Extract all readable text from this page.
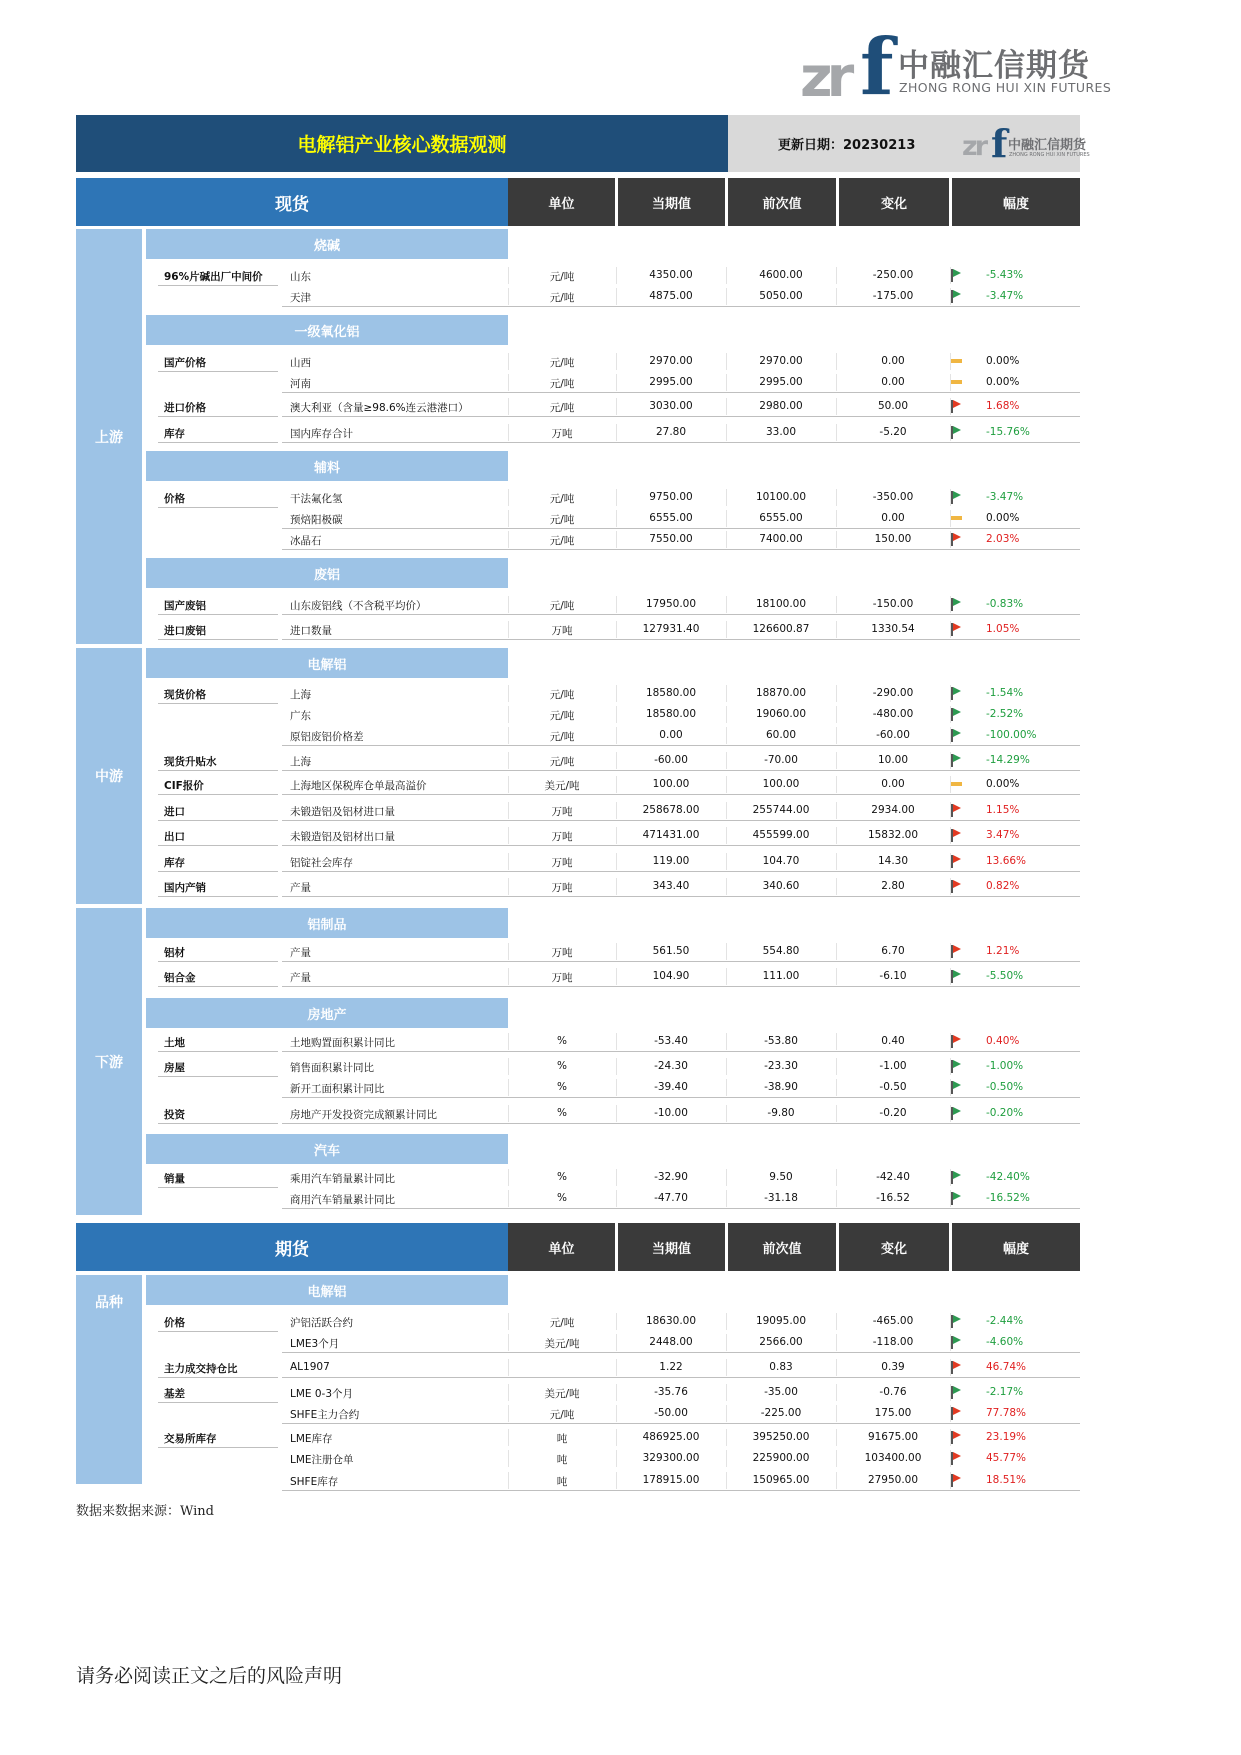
zr f 中融汇信期货
ZHONG RONG HUI XIN FUTURES
电解铝产业核心数据观测	更新日期：20230213 zr f 中融汇信期货
ZHONG RONG HUI XIN FUTURES
现货	单位	当期值	前次值	变化	幅度
上游
中游
下游
烧碱
一级氧化铝
辅料
废铝
电解铝
铝制品
房地产
汽车
96%片碱出厂中间价	山东	元/吨	4350.00	4600.00	-250.00	-5.43%
天津	元/吨	4875.00	5050.00	-175.00	-3.47%
国产价格	山西	元/吨	2970.00	2970.00	0.00	0.00%
河南	元/吨	2995.00	2995.00	0.00	0.00%
进口价格	澳大利亚（含量≥98.6%连云港港口）	元/吨	3030.00	2980.00	50.00	1.68%
库存	国内库存合计	万吨	27.80	33.00	-5.20	-15.76%
价格	干法氟化氢	元/吨	9750.00	10100.00	-350.00	-3.47%
预焙阳极碳	元/吨	6555.00	6555.00	0.00	0.00%
冰晶石	元/吨	7550.00	7400.00	150.00	2.03%
国产废铝	山东废铝线（不含税平均价）	元/吨	17950.00	18100.00	-150.00	-0.83%
进口废铝	进口数量	万吨	127931.40	126600.87	1330.54	1.05%
现货价格	上海	元/吨	18580.00	18870.00	-290.00	-1.54%
广东	元/吨	18580.00	19060.00	-480.00	-2.52%
原铝废铝价格差	元/吨	0.00	60.00	-60.00	-100.00%
现货升贴水	上海	元/吨	-60.00	-70.00	10.00	-14.29%
CIF报价	上海地区保税库仓单最高溢价	美元/吨	100.00	100.00	0.00	0.00%
进口	未锻造铝及铝材进口量	万吨	258678.00	255744.00	2934.00	1.15%
出口	未锻造铝及铝材出口量	万吨	471431.00	455599.00	15832.00	3.47%
库存	铝锭社会库存	万吨	119.00	104.70	14.30	13.66%
国内产销	产量	万吨	343.40	340.60	2.80	0.82%
铝材	产量	万吨	561.50	554.80	6.70	1.21%
铝合金	产量	万吨	104.90	111.00	-6.10	-5.50%
土地	土地购置面积累计同比	%	-53.40	-53.80	0.40	0.40%
房屋	销售面积累计同比	%	-24.30	-23.30	-1.00	-1.00%
新开工面积累计同比	%	-39.40	-38.90	-0.50	-0.50%
投资	房地产开发投资完成额累计同比	%	-10.00	-9.80	-0.20	-0.20%
销量	乘用汽车销量累计同比	%	-32.90	9.50	-42.40	-42.40%
商用汽车销量累计同比	%	-47.70	-31.18	-16.52	-16.52%
期货	单位	当期值	前次值	变化	幅度
品种
电解铝
价格	沪铝活跃合约	元/吨	18630.00	19095.00	-465.00	-2.44%
LME3个月	美元/吨	2448.00	2566.00	-118.00	-4.60%
主力成交持仓比	AL1907	1.22	0.83	0.39	46.74%
基差	LME 0-3个月	美元/吨	-35.76	-35.00	-0.76	-2.17%
SHFE主力合约	元/吨	-50.00	-225.00	175.00	77.78%
交易所库存	LME库存	吨	486925.00	395250.00	91675.00	23.19%
LME注册仓单	吨	329300.00	225900.00	103400.00	45.77%
SHFE库存	吨	178915.00	150965.00	27950.00	18.51%
数据来数据来源：Wind
请务必阅读正文之后的风险声明
